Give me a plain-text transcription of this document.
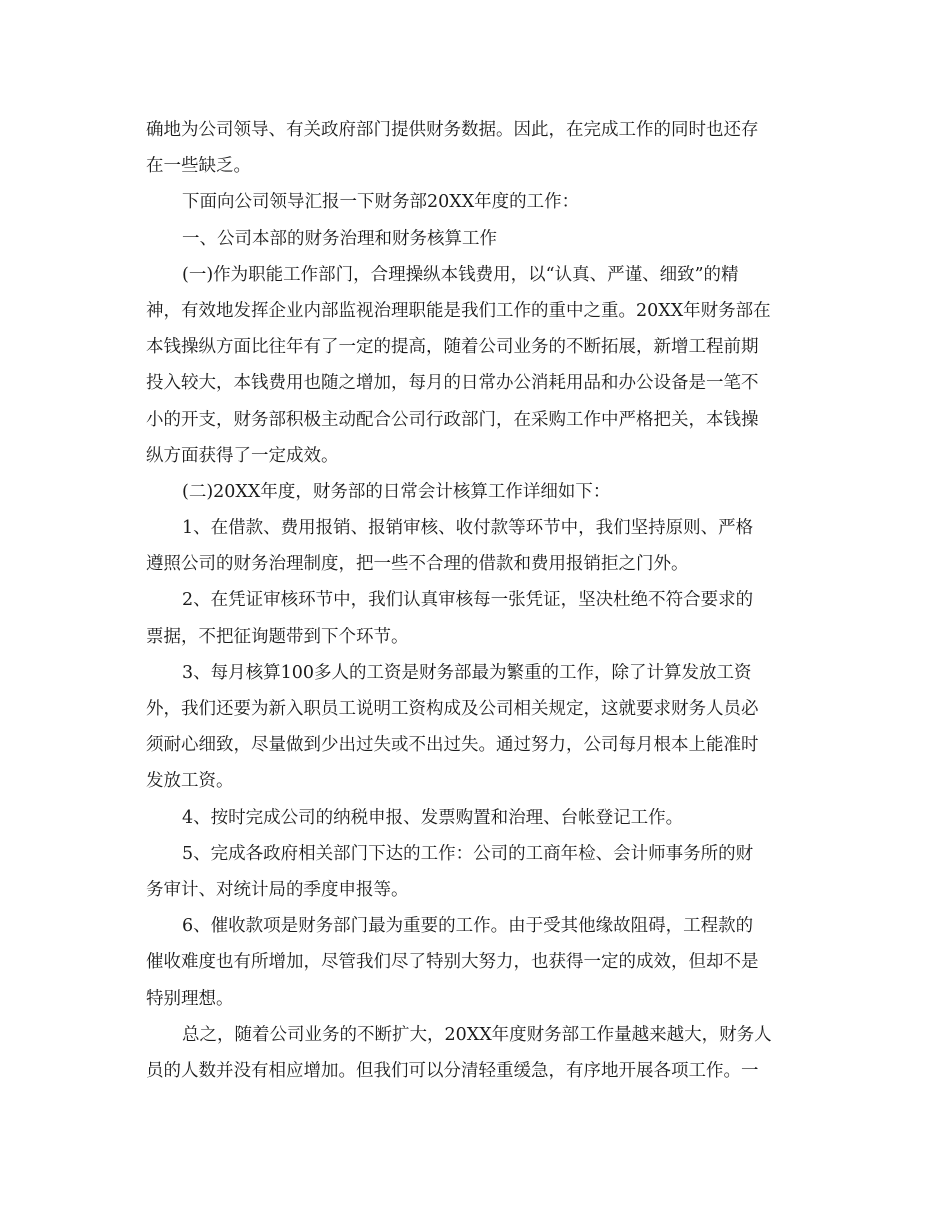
确地为公司领导、有关政府部门提供财务数据。因此，在完成工作的同时也还存
在一些缺乏。
下面向公司领导汇报一下财务部20XX年度的工作：
一、公司本部的财务治理和财务核算工作
(一)作为职能工作部门，合理操纵本钱费用，以“认真、严谨、细致”的精
神，有效地发挥企业内部监视治理职能是我们工作的重中之重。20XX年财务部在
本钱操纵方面比往年有了一定的提高，随着公司业务的不断拓展，新增工程前期
投入较大，本钱费用也随之增加，每月的日常办公消耗用品和办公设备是一笔不
小的开支，财务部积极主动配合公司行政部门，在采购工作中严格把关，本钱操
纵方面获得了一定成效。
(二)20XX年度，财务部的日常会计核算工作详细如下：
1、在借款、费用报销、报销审核、收付款等环节中，我们坚持原则、严格
遵照公司的财务治理制度，把一些不合理的借款和费用报销拒之门外。
2、在凭证审核环节中，我们认真审核每一张凭证，坚决杜绝不符合要求的
票据，不把征询题带到下个环节。
3、每月核算100多人的工资是财务部最为繁重的工作，除了计算发放工资
外，我们还要为新入职员工说明工资构成及公司相关规定，这就要求财务人员必
须耐心细致，尽量做到少出过失或不出过失。通过努力，公司每月根本上能准时
发放工资。
4、按时完成公司的纳税申报、发票购置和治理、台帐登记工作。
5、完成各政府相关部门下达的工作：公司的工商年检、会计师事务所的财
务审计、对统计局的季度申报等。
6、催收款项是财务部门最为重要的工作。由于受其他缘故阻碍，工程款的
催收难度也有所增加，尽管我们尽了特别大努力，也获得一定的成效，但却不是
特别理想。
总之，随着公司业务的不断扩大，20XX年度财务部工作量越来越大，财务人
员的人数并没有相应增加。但我们可以分清轻重缓急，有序地开展各项工作。一
